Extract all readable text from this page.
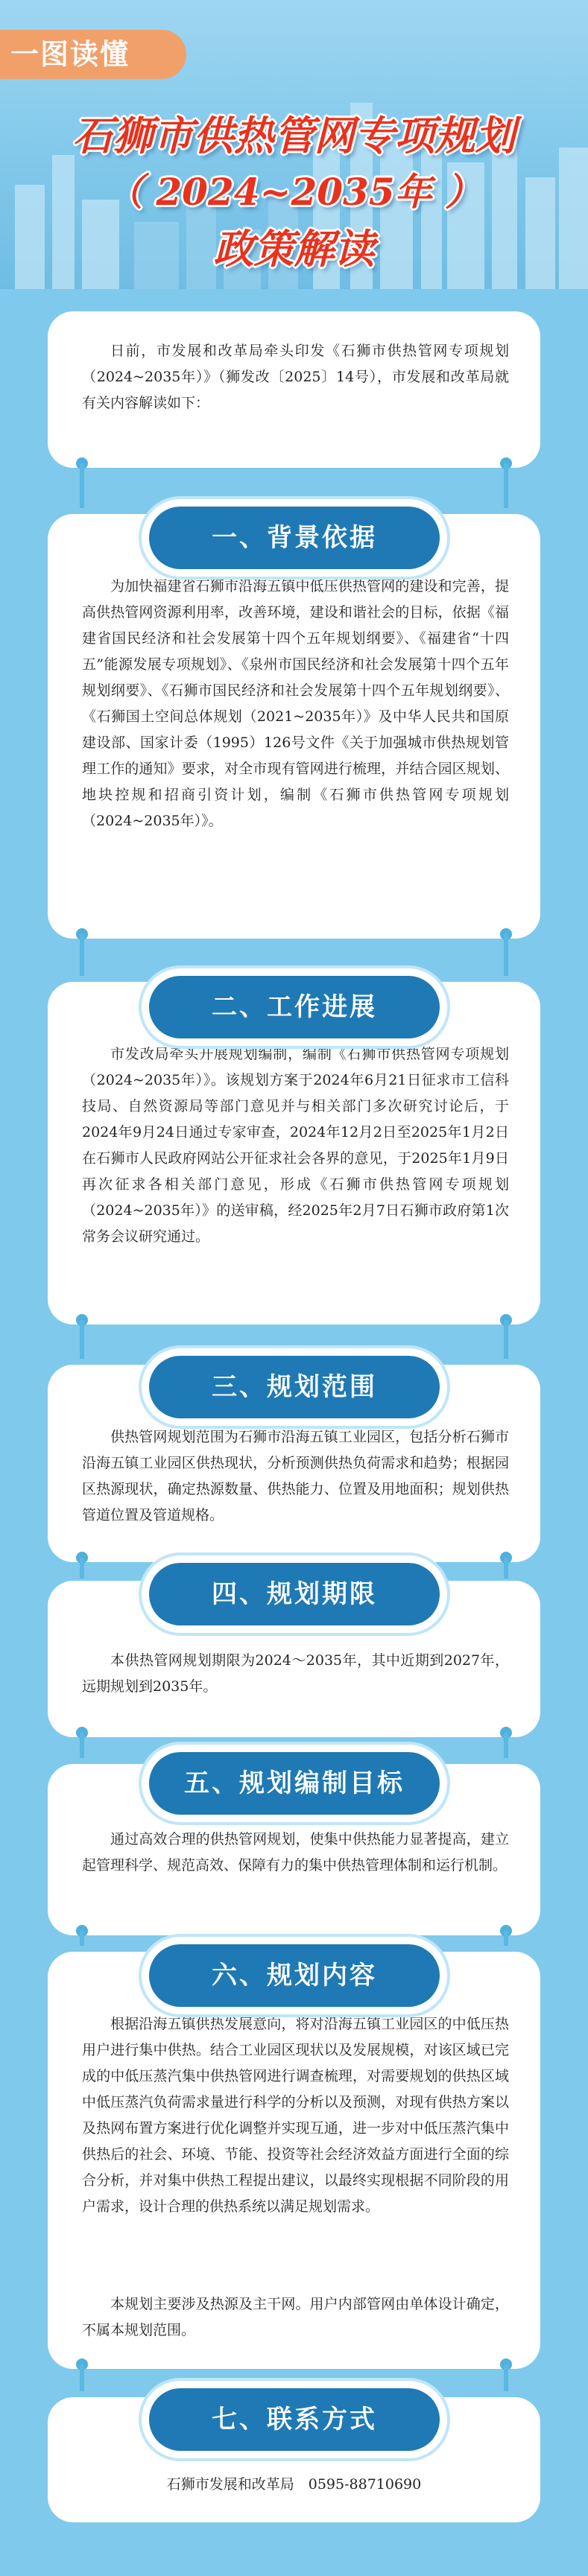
一图读懂
石狮市供热管网专项规划
（ 2024~2035年 ）
政策解读

日前，市发展和改革局牵头印发《石狮市供热管网专项规划（2024~2035年）》（狮发改〔2025〕14号），市发展和改革局就有关内容解读如下：

为加快福建省石狮市沿海五镇中低压供热管网的建设和完善，提高供热管网资源利用率，改善环境，建设和谐社会的目标，依据《福建省国民经济和社会发展第十四个五年规划纲要》、《福建省“十四五”能源发展专项规划》、《泉州市国民经济和社会发展第十四个五年规划纲要》、《石狮市国民经济和社会发展第十四个五年规划纲要》、《石狮国土空间总体规划（2021~2035年）》及中华人民共和国原建设部、国家计委（1995）126号文件《关于加强城市供热规划管理工作的通知》要求，对全市现有管网进行梳理，并结合园区规划、地块控规和招商引资计划，编制《石狮市供热管网专项规划（2024~2035年）》。

一、背景依据

市发改局牵头开展规划编制，编制《石狮市供热管网专项规划（2024~2035年）》。该规划方案于2024年6月21日征求市工信科技局、自然资源局等部门意见并与相关部门多次研究讨论后，于2024年9月24日通过专家审查，2024年12月2日至2025年1月2日在石狮市人民政府网站公开征求社会各界的意见，于2025年1月9日再次征求各相关部门意见，形成《石狮市供热管网专项规划（2024~2035年）》的送审稿，经2025年2月7日石狮市政府第1次常务会议研究通过。

二、工作进展

供热管网规划范围为石狮市沿海五镇工业园区，包括分析石狮市沿海五镇工业园区供热现状，分析预测供热负荷需求和趋势；根据园区热源现状，确定热源数量、供热能力、位置及用地面积；规划供热管道位置及管道规格。

三、规划范围

本供热管网规划期限为2024～2035年，其中近期到2027年，远期规划到2035年。

四、规划期限

通过高效合理的供热管网规划，使集中供热能力显著提高，建立起管理科学、规范高效、保障有力的集中供热管理体制和运行机制。

五、规划编制目标

根据沿海五镇供热发展意向，将对沿海五镇工业园区的中低压热用户进行集中供热。结合工业园区现状以及发展规模，对该区域已完成的中低压蒸汽集中供热管网进行调查梳理，对需要规划的供热区域中低压蒸汽负荷需求量进行科学的分析以及预测，对现有供热方案以及热网布置方案进行优化调整并实现互通，进一步对中低压蒸汽集中供热后的社会、环境、节能、投资等社会经济效益方面进行全面的综合分析，并对集中供热工程提出建议，以最终实现根据不同阶段的用户需求，设计合理的供热系统以满足规划需求。

本规划主要涉及热源及主干网。用户内部管网由单体设计确定，不属本规划范围。

六、规划内容
七、联系方式
石狮市发展和改革局　0595-88710690
